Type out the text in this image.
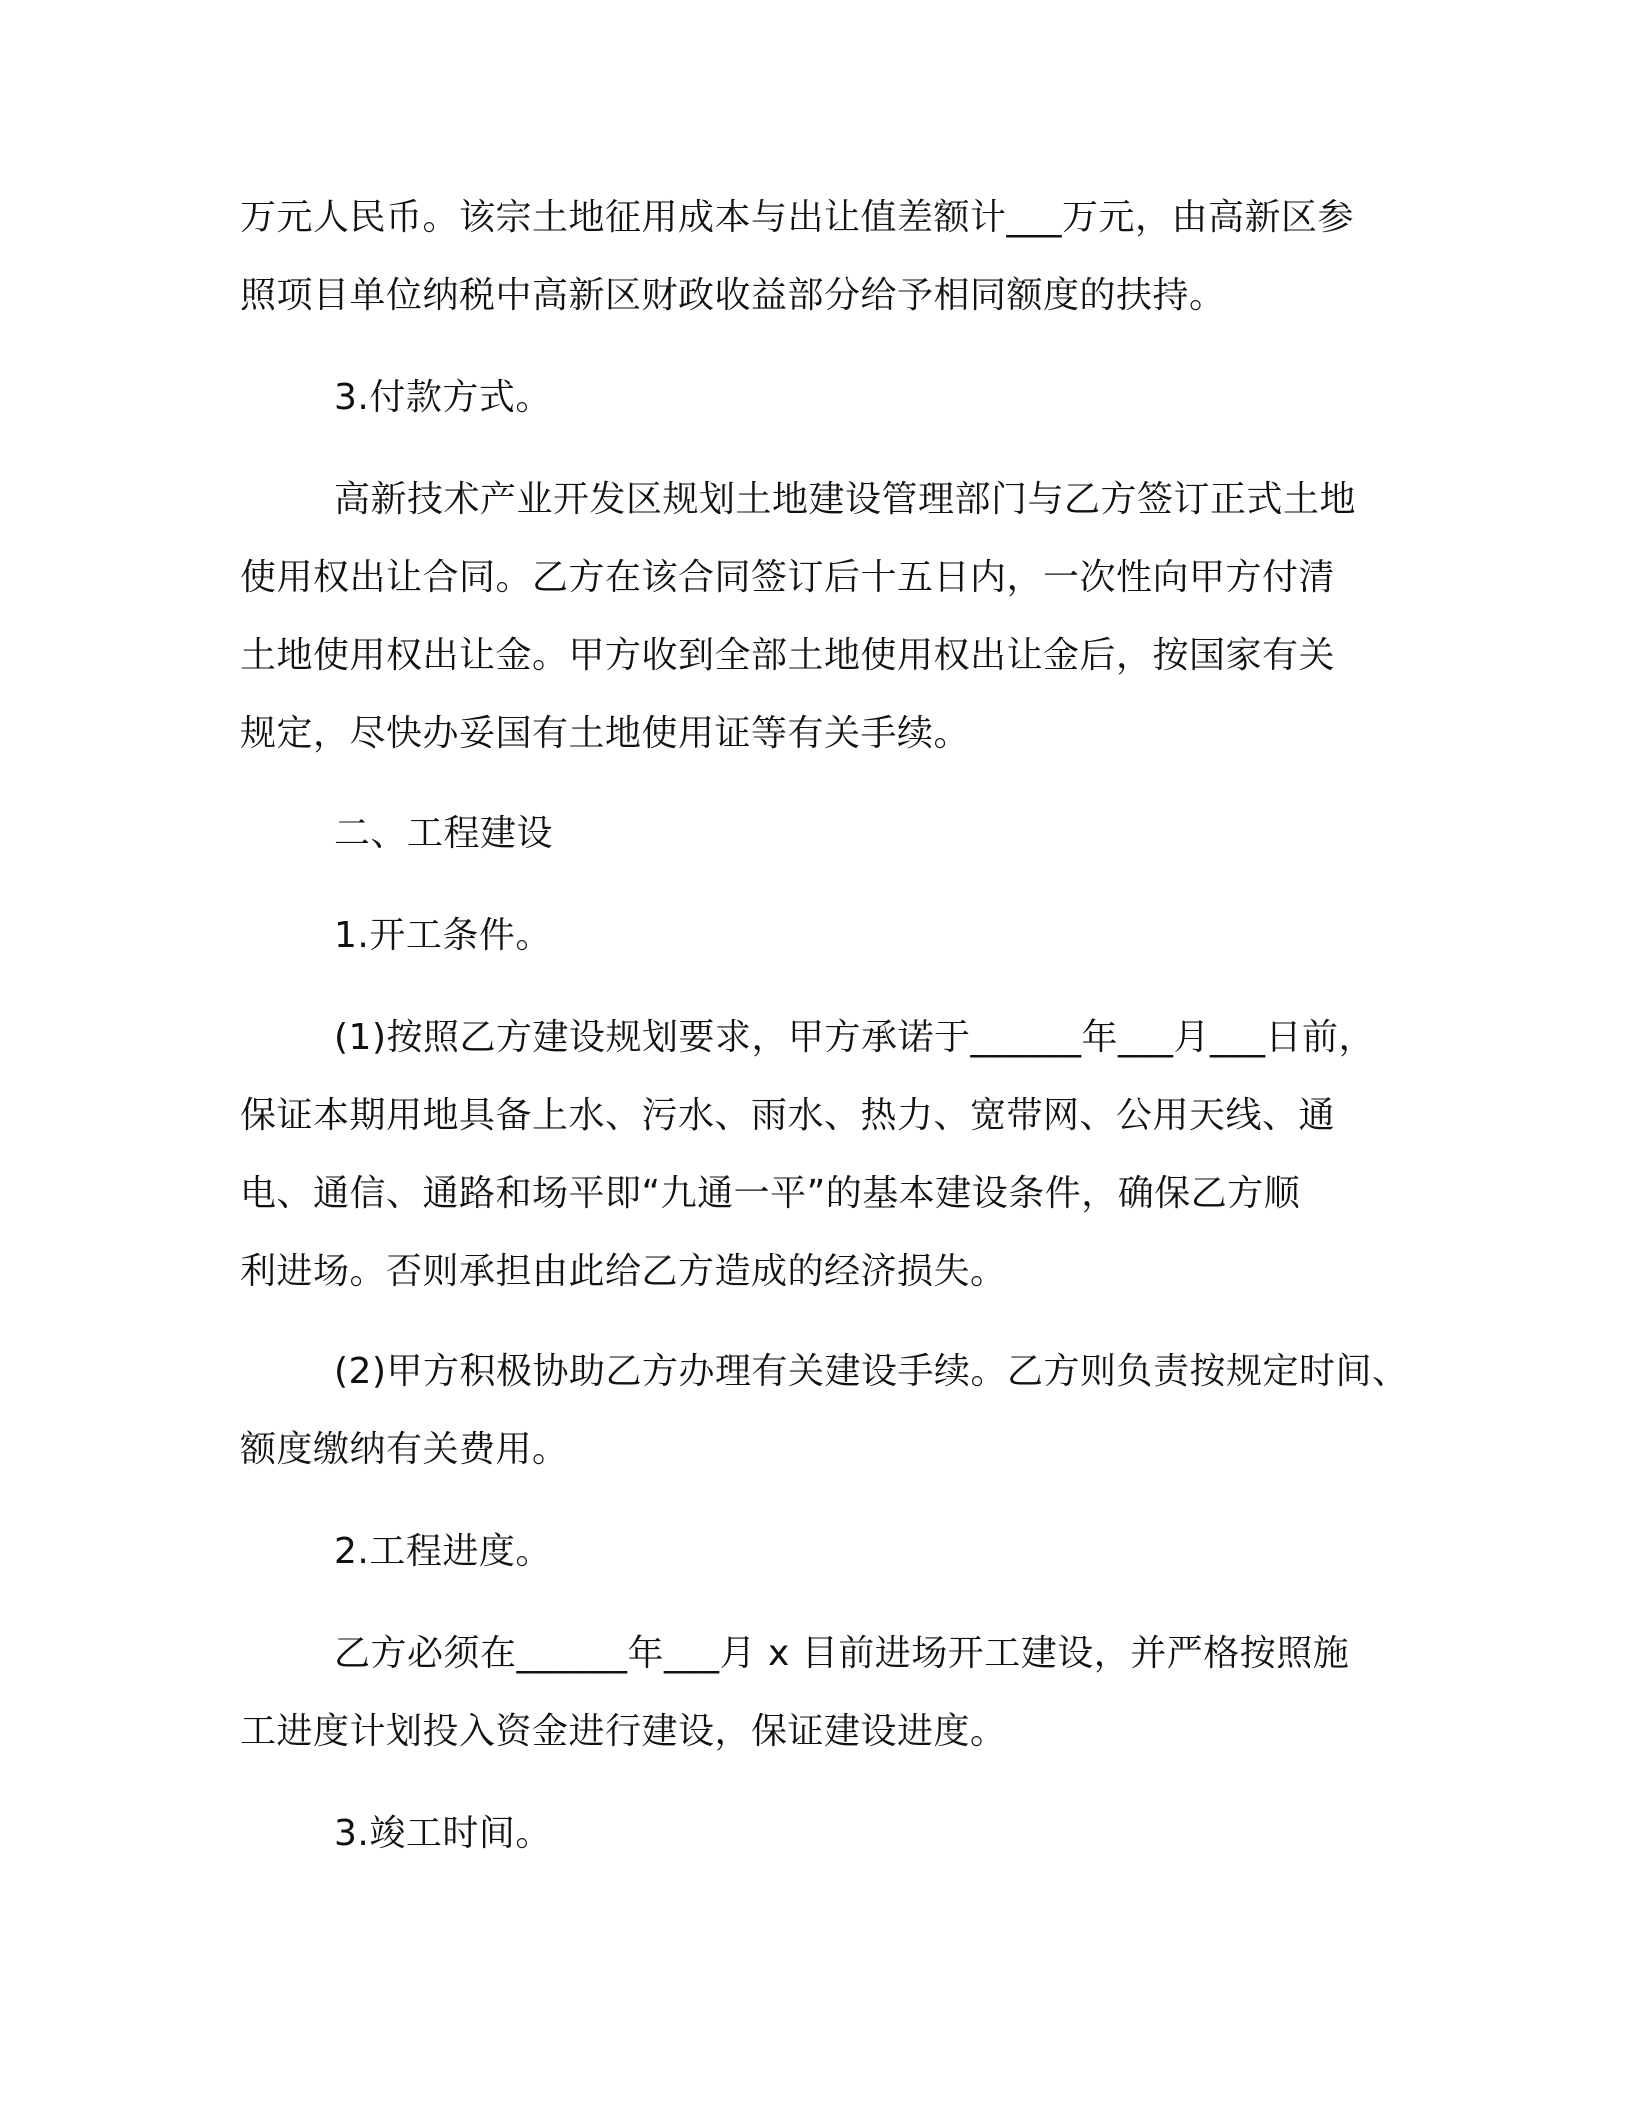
万元人民币。该宗土地征用成本与出让值差额计___万元，由高新区参
照项目单位纳税中高新区财政收益部分给予相同额度的扶持。
3.付款方式。
高新技术产业开发区规划土地建设管理部门与乙方签订正式土地
使用权出让合同。乙方在该合同签订后十五日内，一次性向甲方付清
土地使用权出让金。甲方收到全部土地使用权出让金后，按国家有关
规定，尽快办妥国有土地使用证等有关手续。
二、工程建设
1.开工条件。
(1)按照乙方建设规划要求，甲方承诺于______年___月___日前，
保证本期用地具备上水、污水、雨水、热力、宽带网、公用天线、通
电、通信、通路和场平即“九通一平”的基本建设条件，确保乙方顺
利进场。否则承担由此给乙方造成的经济损失。
(2)甲方积极协助乙方办理有关建设手续。乙方则负责按规定时间、
额度缴纳有关费用。
2.工程进度。
乙方必须在______年___月 x 目前进场开工建设，并严格按照施
工进度计划投入资金进行建设，保证建设进度。
3.竣工时间。
